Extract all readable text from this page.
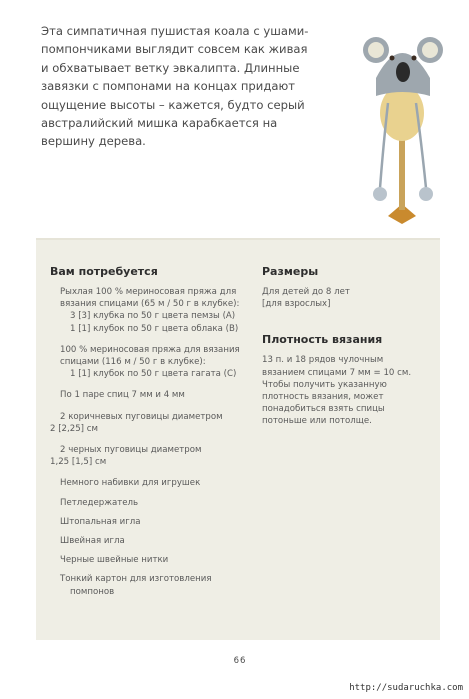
Эта симпатичная пушистая коала с ушами-
помпончиками выглядит совсем как живая
и обхватывает ветку эвкалипта. Длинные
завязки с помпонами на концах придают
ощущение высоты – кажется, будто серый
австралийский мишка карабкается на
вершину дерева.
Вам потребуется
Рыхлая 100 % мериносовая пряжа для
вязания спицами (65 м / 50 г в клубке):
3 [3] клубка по 50 г цвета пемзы (A)
1 [1] клубок по 50 г цвета облака (B)
100 % мериносовая пряжа для вязания
спицами (116 м / 50 г в клубке):
1 [1] клубок по 50 г цвета гагата (C)
По 1 паре спиц 7 мм и 4 мм
2 коричневых пуговицы диаметром
2 [2,25] см
2 черных пуговицы диаметром
1,25 [1,5] см
Немного набивки для игрушек
Петледержатель
Штопальная игла
Швейная игла
Черные швейные нитки
Тонкий картон для изготовления
помпонов
Размеры
Для детей до 8 лет
[для взрослых]
Плотность вязания
13 п. и 18 рядов чулочным
вязанием спицами 7 мм = 10 см.
Чтобы получить указанную
плотность вязания, может
понадобиться взять спицы
потоньше или потолще.
66
http://sudaruchka.com
